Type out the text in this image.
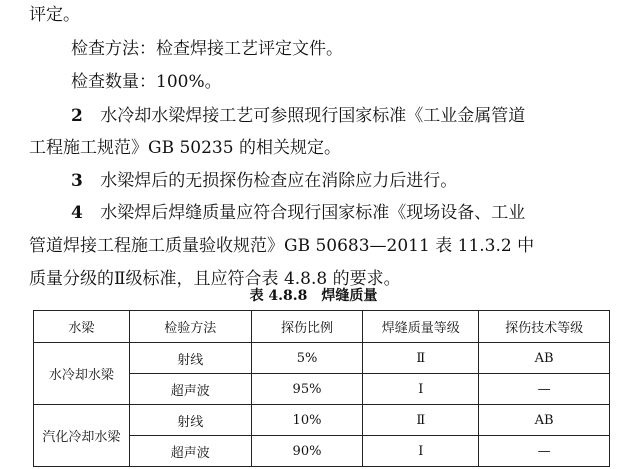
评定。
检查方法：检查焊接工艺评定文件。
检查数量：100%。
2 水冷却水梁焊接工艺可参照现行国家标准《工业金属管道
工程施工规范》GB 50235 的相关规定。
3 水梁焊后的无损探伤检查应在消除应力后进行。
4 水梁焊后焊缝质量应符合现行国家标准《现场设备、工业
管道焊接工程施工质量验收规范》GB 50683—2011 表 11.3.2 中
质量分级的Ⅱ级标准，且应符合表 4.8.8 的要求。
表 4.8.8　焊缝质量
水梁	检验方法	探伤比例	焊缝质量等级	探伤技术等级
水冷却水梁	射线	5%	Ⅱ	AB
	超声波	95%	Ⅰ	—
汽化冷却水梁	射线	10%	Ⅱ	AB
	超声波	90%	Ⅰ	—
